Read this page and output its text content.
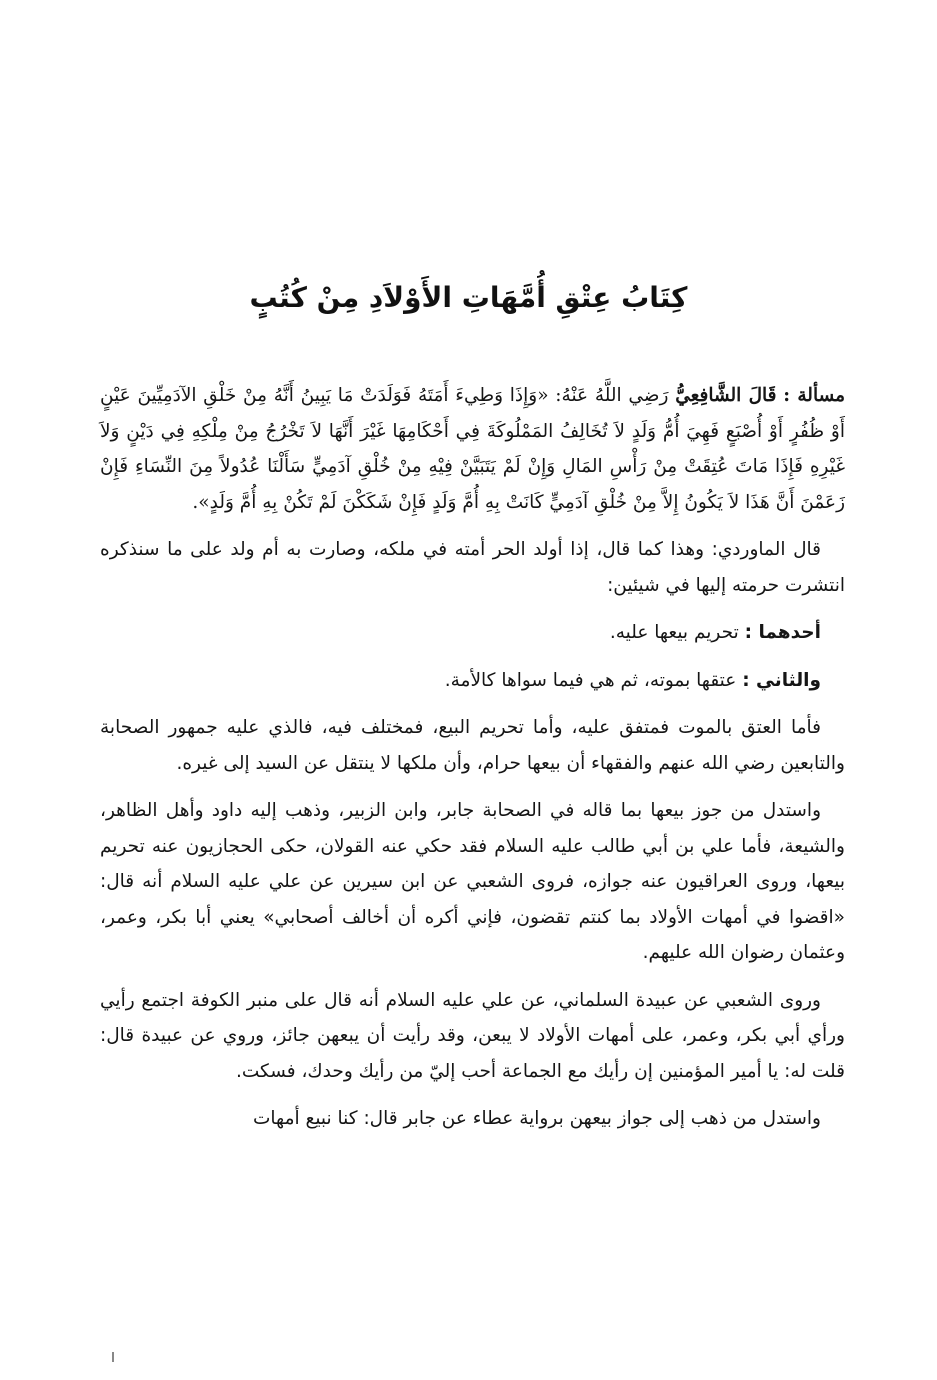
كِتَابُ عِتْقِ أُمَّهَاتِ الأَوْلاَدِ مِنْ كُتُبٍ

مسألة : قَالَ الشَّافِعِيُّ رَضِي اللَّهُ عَنْهُ: «وَإِذَا وَطِيءَ أَمَتَهُ فَوَلَدَتْ مَا يَبِينُ أَنَّهُ مِنْ خَلْقِ الآدَمِيِّينَ عَيْنٍ أَوْ ظُفُرٍ أَوْ أُصْبَعٍ فَهِيَ أُمُّ وَلَدٍ لاَ تُخَالِفُ المَمْلُوكَةَ فِي أَحْكَامِهَا غَيْرَ أَنَّهَا لاَ تَخْرُجُ مِنْ مِلْكِهِ فِي دَيْنٍ وَلاَ غَيْرِهِ فَإِذَا مَاتَ عُتِقَتْ مِنْ رَأْسِ المَالِ وَإِنْ لَمْ يَتَبَيَّنْ فِيْهِ مِنْ خُلْقِ آدَمِيٍّ سَأَلْنَا عُدُولاً مِنَ النِّسَاءِ فَإِنْ زَعَمْنَ أَنَّ هَذَا لاَ يَكُونُ إِلاَّ مِنْ خُلْقِ آدَمِيٍّ كَانَتْ بِهِ أُمَّ وَلَدٍ فَإِنْ شَكَكْنَ لَمْ تَكُنْ بِهِ أُمَّ وَلَدٍ».

قال الماوردي: وهذا كما قال، إذا أولد الحر أمته في ملكه، وصارت به أم ولد على ما سنذكره انتشرت حرمته إليها في شيئين:

أحدهما : تحريم بيعها عليه.

والثاني : عتقها بموته، ثم هي فيما سواها كالأمة.

فأما العتق بالموت فمتفق عليه، وأما تحريم البيع، فمختلف فيه، فالذي عليه جمهور الصحابة والتابعين رضي الله عنهم والفقهاء أن بيعها حرام، وأن ملكها لا ينتقل عن السيد إلى غيره.

واستدل من جوز بيعها بما قاله في الصحابة جابر، وابن الزبير، وذهب إليه داود وأهل الظاهر، والشيعة، فأما علي بن أبي طالب عليه السلام فقد حكي عنه القولان، حكى الحجازيون عنه تحريم بيعها، وروى العراقيون عنه جوازه، فروى الشعبي عن ابن سيرين عن علي عليه السلام أنه قال: «اقضوا في أمهات الأولاد بما كنتم تقضون، فإني أكره أن أخالف أصحابي» يعني أبا بكر، وعمر، وعثمان رضوان الله عليهم.

وروى الشعبي عن عبيدة السلماني، عن علي عليه السلام أنه قال على منبر الكوفة اجتمع رأيي ورأي أبي بكر، وعمر، على أمهات الأولاد لا يبعن، وقد رأيت أن يبعهن جائز، وروي عن عبيدة قال: قلت له: يا أمير المؤمنين إن رأيك مع الجماعة أحب إليّ من رأيك وحدك، فسكت.

واستدل من ذهب إلى جواز بيعهن برواية عطاء عن جابر قال: كنا نبيع أمهات
